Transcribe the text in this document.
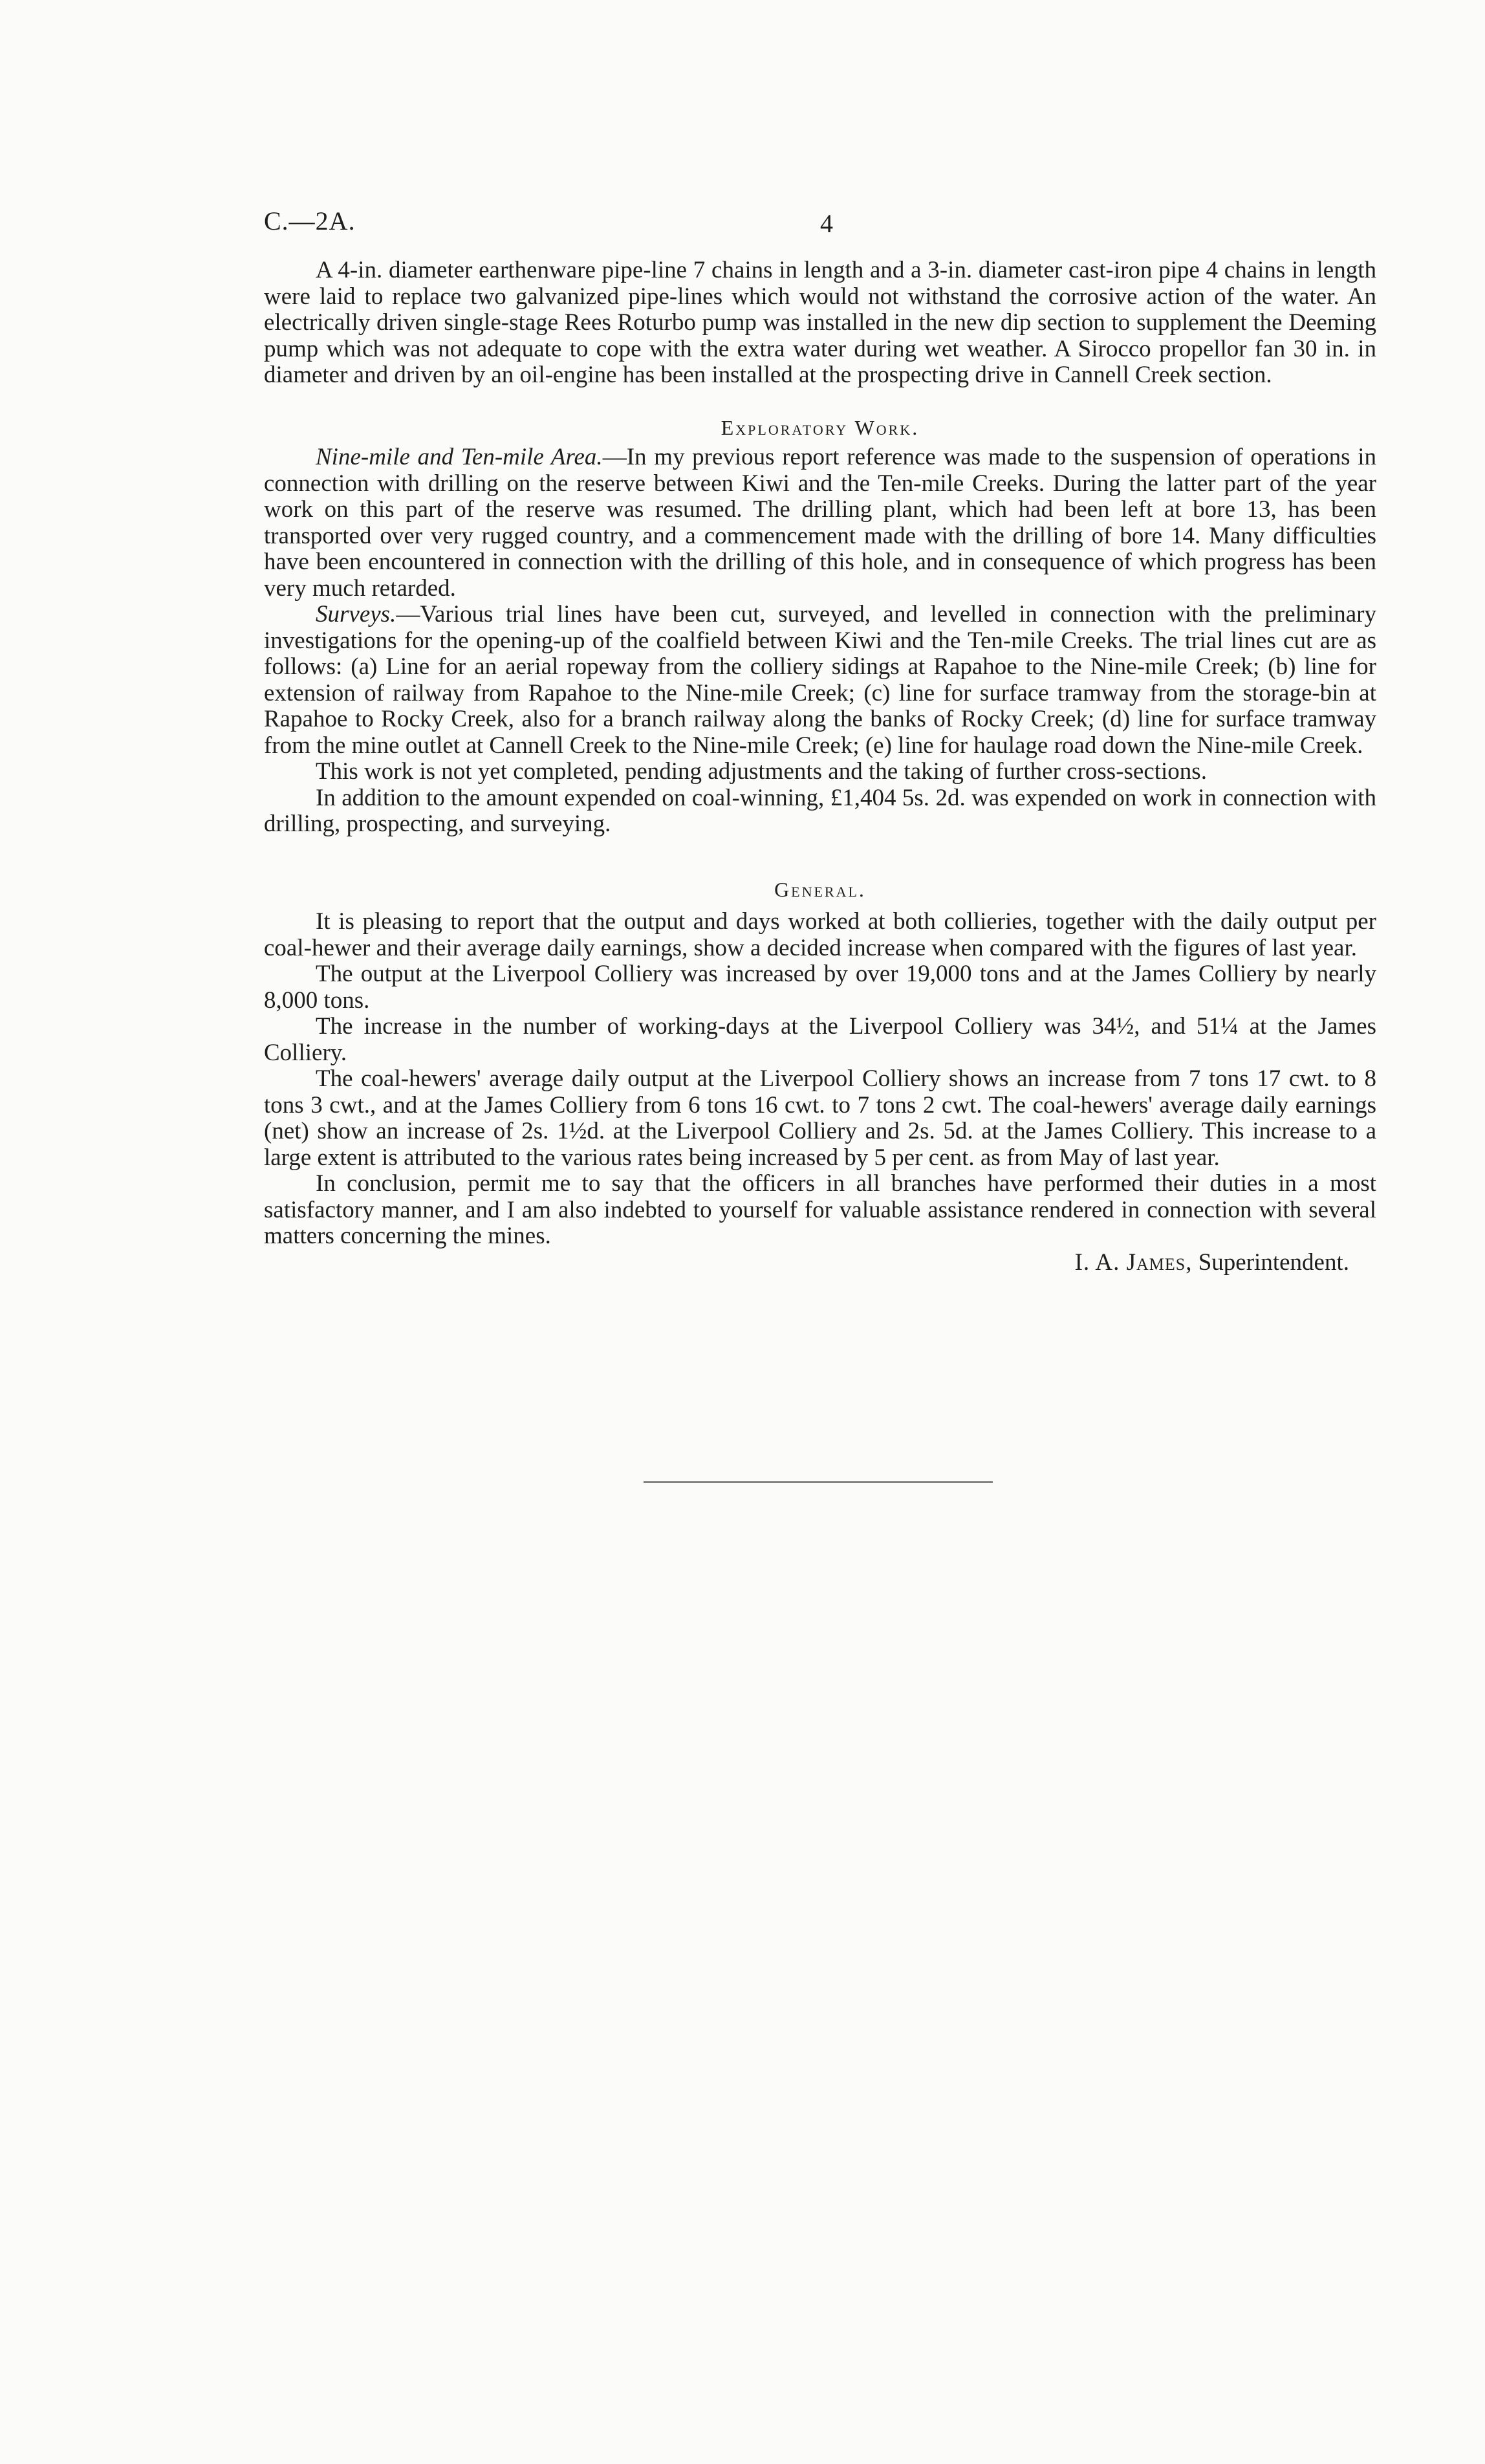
C.—2A.	4

A 4-in. diameter earthenware pipe-line 7 chains in length and a 3-in. diameter cast-iron pipe 4 chains in length were laid to replace two galvanized pipe-lines which would not withstand the corrosive action of the water. An electrically driven single-stage Rees Roturbo pump was installed in the new dip section to supplement the Deeming pump which was not adequate to cope with the extra water during wet weather. A Sirocco propellor fan 30 in. in diameter and driven by an oil-engine has been installed at the prospecting drive in Cannell Creek section.

Exploratory Work.

Nine-mile and Ten-mile Area.—In my previous report reference was made to the suspension of operations in connection with drilling on the reserve between Kiwi and the Ten-mile Creeks. During the latter part of the year work on this part of the reserve was resumed. The drilling plant, which had been left at bore 13, has been transported over very rugged country, and a commencement made with the drilling of bore 14. Many difficulties have been encountered in connection with the drilling of this hole, and in consequence of which progress has been very much retarded.

Surveys.—Various trial lines have been cut, surveyed, and levelled in connection with the preliminary investigations for the opening-up of the coalfield between Kiwi and the Ten-mile Creeks. The trial lines cut are as follows: (a) Line for an aerial ropeway from the colliery sidings at Rapahoe to the Nine-mile Creek; (b) line for extension of railway from Rapahoe to the Nine-mile Creek; (c) line for surface tramway from the storage-bin at Rapahoe to Rocky Creek, also for a branch railway along the banks of Rocky Creek; (d) line for surface tramway from the mine outlet at Cannell Creek to the Nine-mile Creek; (e) line for haulage road down the Nine-mile Creek.

This work is not yet completed, pending adjustments and the taking of further cross-sections.

In addition to the amount expended on coal-winning, £1,404 5s. 2d. was expended on work in connection with drilling, prospecting, and surveying.

General.

It is pleasing to report that the output and days worked at both collieries, together with the daily output per coal-hewer and their average daily earnings, show a decided increase when compared with the figures of last year.

The output at the Liverpool Colliery was increased by over 19,000 tons and at the James Colliery by nearly 8,000 tons.

The increase in the number of working-days at the Liverpool Colliery was 34½, and 51¼ at the James Colliery.

The coal-hewers' average daily output at the Liverpool Colliery shows an increase from 7 tons 17 cwt. to 8 tons 3 cwt., and at the James Colliery from 6 tons 16 cwt. to 7 tons 2 cwt. The coal-hewers' average daily earnings (net) show an increase of 2s. 1½d. at the Liverpool Colliery and 2s. 5d. at the James Colliery. This increase to a large extent is attributed to the various rates being increased by 5 per cent. as from May of last year.

In conclusion, permit me to say that the officers in all branches have performed their duties in a most satisfactory manner, and I am also indebted to yourself for valuable assistance rendered in connection with several matters concerning the mines.

I. A. James, Superintendent.
